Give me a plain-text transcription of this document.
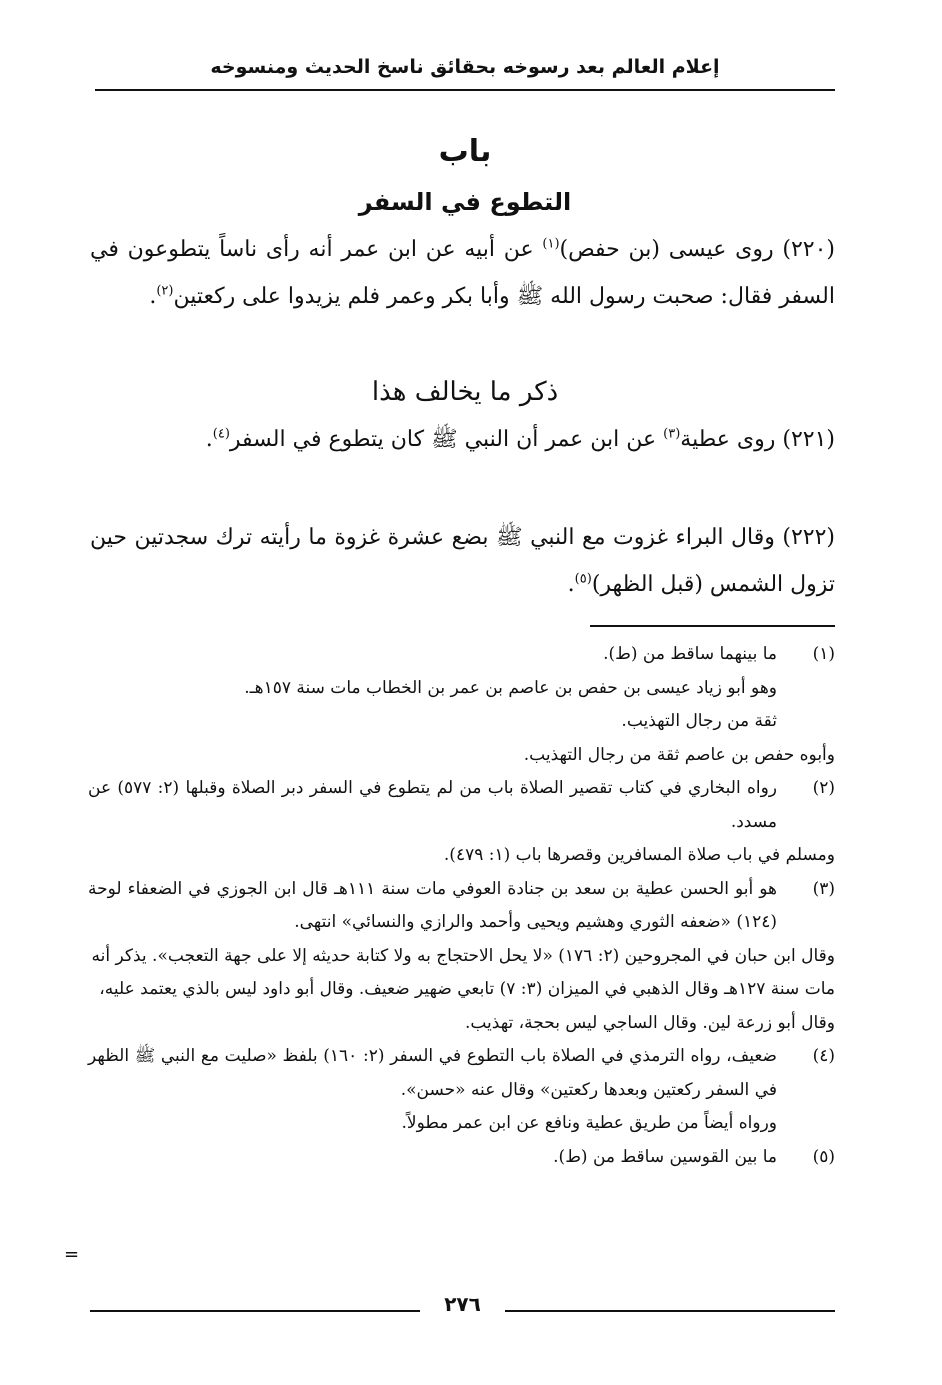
إعلام العالم بعد رسوخه بحقائق ناسخ الحديث ومنسوخه
باب
التطوع في السفر
(٢٢٠) روى عيسى (بن حفص)$^{(١)}$ عن أبيه عن ابن عمر أنه رأى ناساً يتطوعون في السفر فقال: صحبت رسول الله ﷺ وأبا بكر وعمر فلم يزيدوا على ركعتين$^{(٢)}$.
ذكر ما يخالف هذا
(٢٢١) روى عطية$^{(٣)}$ عن ابن عمر أن النبي ﷺ كان يتطوع في السفر$^{(٤)}$.
(٢٢٢) وقال البراء غزوت مع النبي ﷺ بضع عشرة غزوة ما رأيته ترك سجدتين حين تزول الشمس (قبل الظهر)$^{(٥)}$.
(١)
ما بينهما ساقط من (ط).
وهو أبو زياد عيسى بن حفص بن عاصم بن عمر بن الخطاب مات سنة ١٥٧هـ.
ثقة من رجال التهذيب.
وأبوه حفص بن عاصم ثقة من رجال التهذيب.
(٢)
رواه البخاري في كتاب تقصير الصلاة باب من لم يتطوع في السفر دبر الصلاة وقبلها (٢: ٥٧٧) عن مسدد.
ومسلم في باب صلاة المسافرين وقصرها باب (١: ٤٧٩).
(٣)
هو أبو الحسن عطية بن سعد بن جنادة العوفي مات سنة ١١١هـ قال ابن الجوزي في الضعفاء لوحة (١٢٤) «ضعفه الثوري وهشيم ويحيى وأحمد والرازي والنسائي» انتهى.
وقال ابن حبان في المجروحين (٢: ١٧٦) «لا يحل الاحتجاج به ولا كتابة حديثه إلا على جهة التعجب». يذكر أنه مات سنة ١٢٧هـ وقال الذهبي في الميزان (٣: ٧) تابعي ضهير ضعيف. وقال أبو داود ليس بالذي يعتمد عليه، وقال أبو زرعة لين. وقال الساجي ليس بحجة، تهذيب.
(٤)
ضعيف، رواه الترمذي في الصلاة باب التطوع في السفر (٢: ١٦٠) بلفظ «صليت مع النبي ﷺ الظهر في السفر ركعتين وبعدها ركعتين» وقال عنه «حسن».
ورواه أيضاً من طريق عطية ونافع عن ابن عمر مطولاً.
(٥)
ما بين القوسين ساقط من (ط).
=
٢٧٦
